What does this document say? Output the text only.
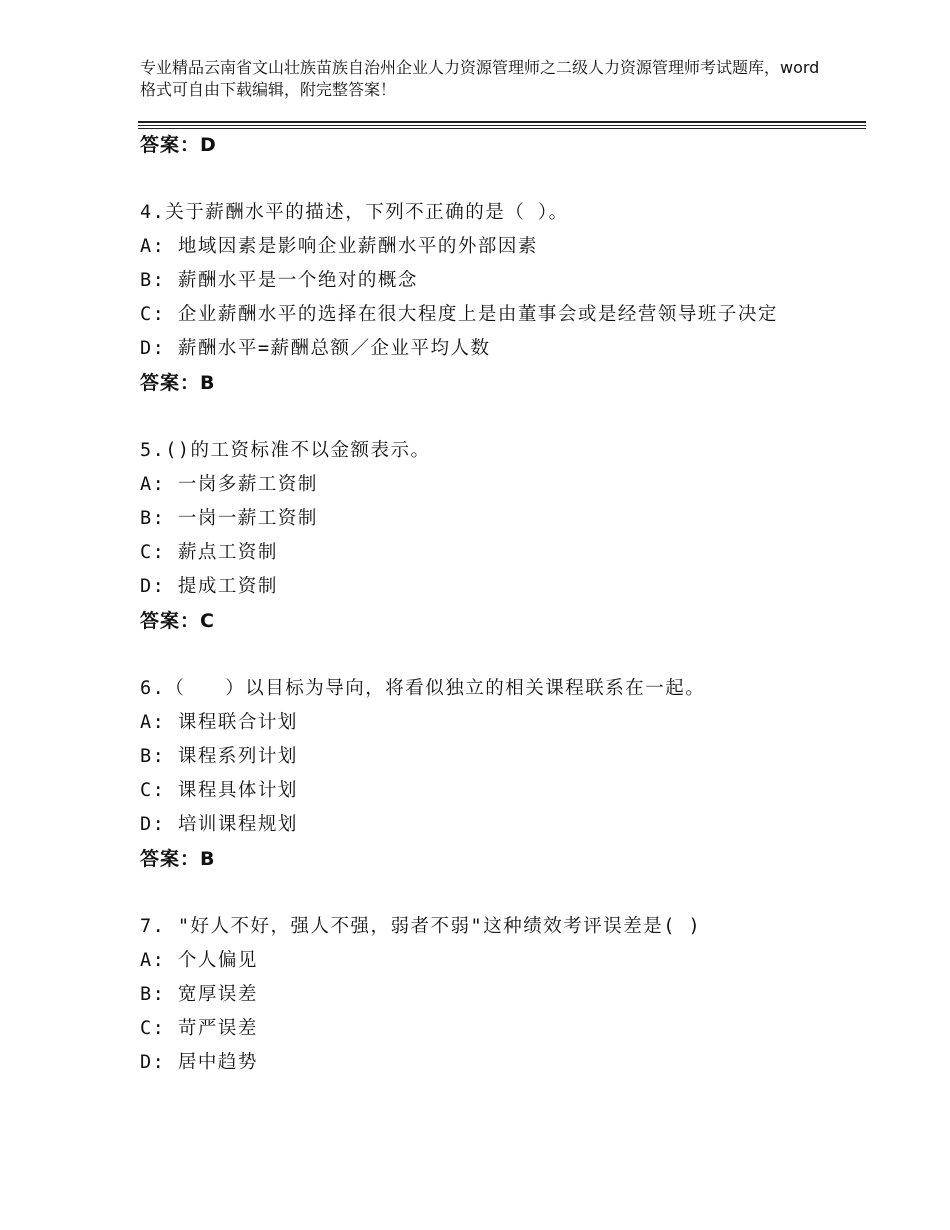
专业精品云南省文山壮族苗族自治州企业人力资源管理师之二级人力资源管理师考试题库，word格式可自由下载编辑，附完整答案！

答案：D

4.关于薪酬水平的描述，下列不正确的是（ ）。

A: 地域因素是影响企业薪酬水平的外部因素

B: 薪酬水平是一个绝对的概念

C: 企业薪酬水平的选择在很大程度上是由董事会或是经营领导班子决定

D: 薪酬水平=薪酬总额／企业平均人数

答案：B

5.()的工资标准不以金额表示。

A: 一岗多薪工资制

B: 一岗一薪工资制

C: 薪点工资制

D: 提成工资制

答案：C

6.（　　）以目标为导向，将看似独立的相关课程联系在一起。

A: 课程联合计划

B: 课程系列计划

C: 课程具体计划

D: 培训课程规划

答案：B

7. "好人不好，强人不强，弱者不弱"这种绩效考评误差是( )

A: 个人偏见

B: 宽厚误差

C: 苛严误差

D: 居中趋势
